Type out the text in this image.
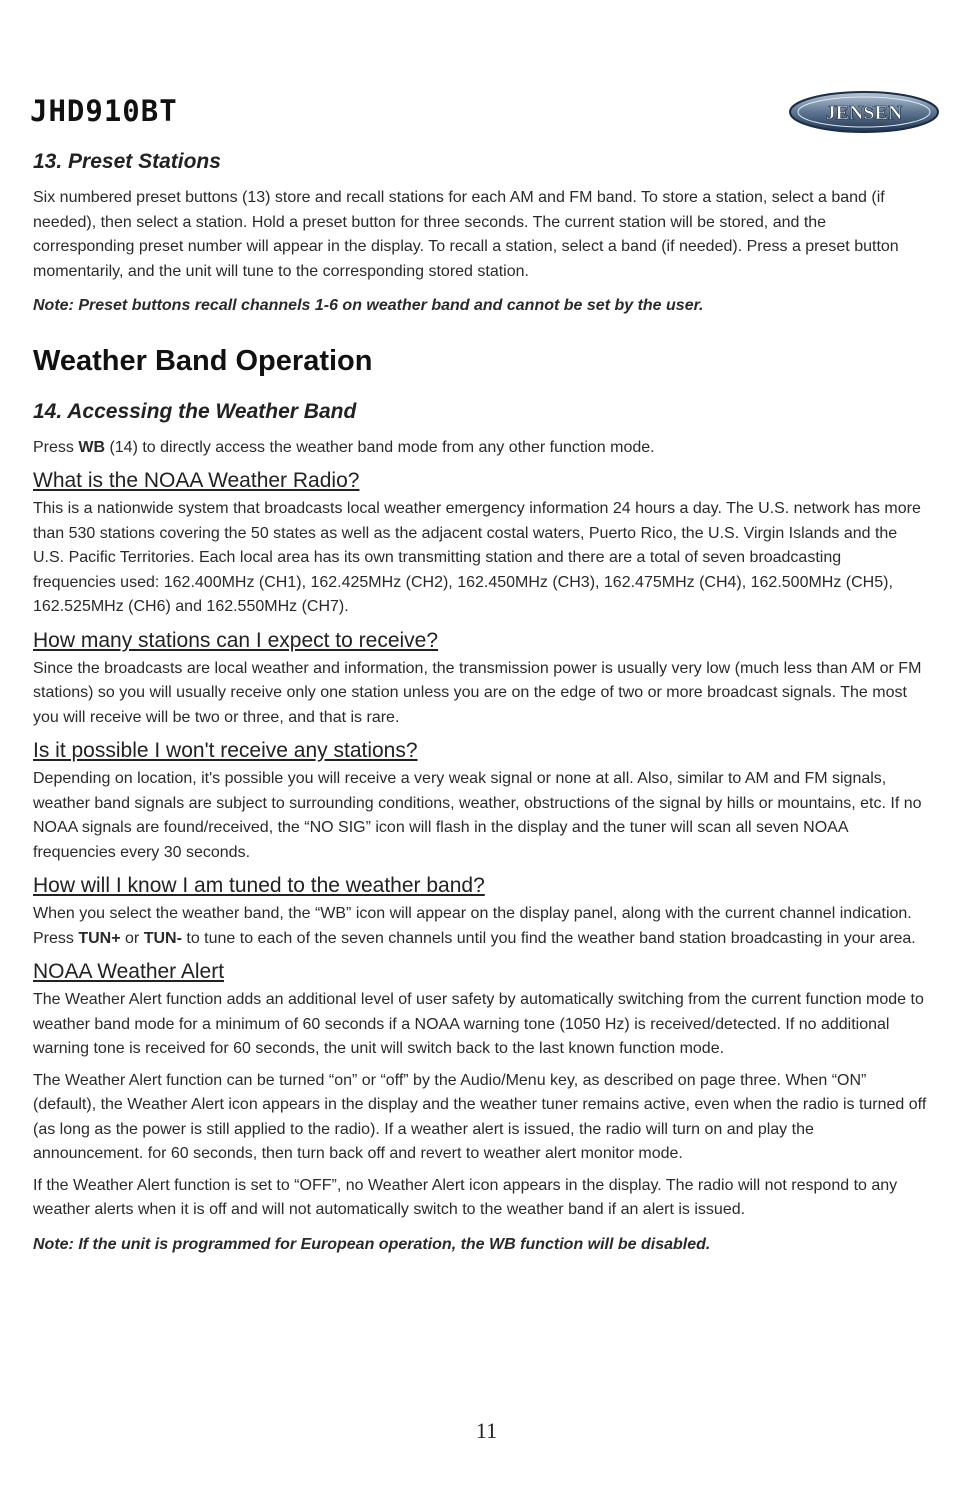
JHD910BT	JENSEN
13. Preset Stations

Six numbered preset buttons (13) store and recall stations for each AM and FM band. To store a station, select a band (if needed), then select a station. Hold a preset button for three seconds. The current station will be stored, and the corresponding preset number will appear in the display. To recall a station, select a band (if needed). Press a preset button momentarily, and the unit will tune to the corresponding stored station.

Note: Preset buttons recall channels 1-6 on weather band and cannot be set by the user.

Weather Band Operation
14. Accessing the Weather Band

Press WB (14) to directly access the weather band mode from any other function mode.

What is the NOAA Weather Radio?

This is a nationwide system that broadcasts local weather emergency information 24 hours a day. The U.S. network has more than 530 stations covering the 50 states as well as the adjacent costal waters, Puerto Rico, the U.S. Virgin Islands and the U.S. Pacific Territories. Each local area has its own transmitting station and there are a total of seven broadcasting frequencies used: 162.400MHz (CH1), 162.425MHz (CH2), 162.450MHz (CH3), 162.475MHz (CH4), 162.500MHz (CH5), 162.525MHz (CH6) and 162.550MHz (CH7).

How many stations can I expect to receive?

Since the broadcasts are local weather and information, the transmission power is usually very low (much less than AM or FM stations) so you will usually receive only one station unless you are on the edge of two or more broadcast signals. The most you will receive will be two or three, and that is rare.

Is it possible I won't receive any stations?

Depending on location, it's possible you will receive a very weak signal or none at all. Also, similar to AM and FM signals, weather band signals are subject to surrounding conditions, weather, obstructions of the signal by hills or mountains, etc. If no NOAA signals are found/received, the “NO SIG” icon will flash in the display and the tuner will scan all seven NOAA frequencies every 30 seconds.

How will I know I am tuned to the weather band?

When you select the weather band, the “WB” icon will appear on the display panel, along with the current channel indication. Press TUN+ or TUN- to tune to each of the seven channels until you find the weather band station broadcasting in your area.

NOAA Weather Alert

The Weather Alert function adds an additional level of user safety by automatically switching from the current function mode to weather band mode for a minimum of 60 seconds if a NOAA warning tone (1050 Hz) is received/detected. If no additional warning tone is received for 60 seconds, the unit will switch back to the last known function mode.

The Weather Alert function can be turned “on” or “off” by the Audio/Menu key, as described on page three. When “ON” (default), the Weather Alert icon appears in the display and the weather tuner remains active, even when the radio is turned off (as long as the power is still applied to the radio). If a weather alert is issued, the radio will turn on and play the announcement. for 60 seconds, then turn back off and revert to weather alert monitor mode.

If the Weather Alert function is set to “OFF”, no Weather Alert icon appears in the display. The radio will not respond to any weather alerts when it is off and will not automatically switch to the weather band if an alert is issued.

Note: If the unit is programmed for European operation, the WB function will be disabled.

11
